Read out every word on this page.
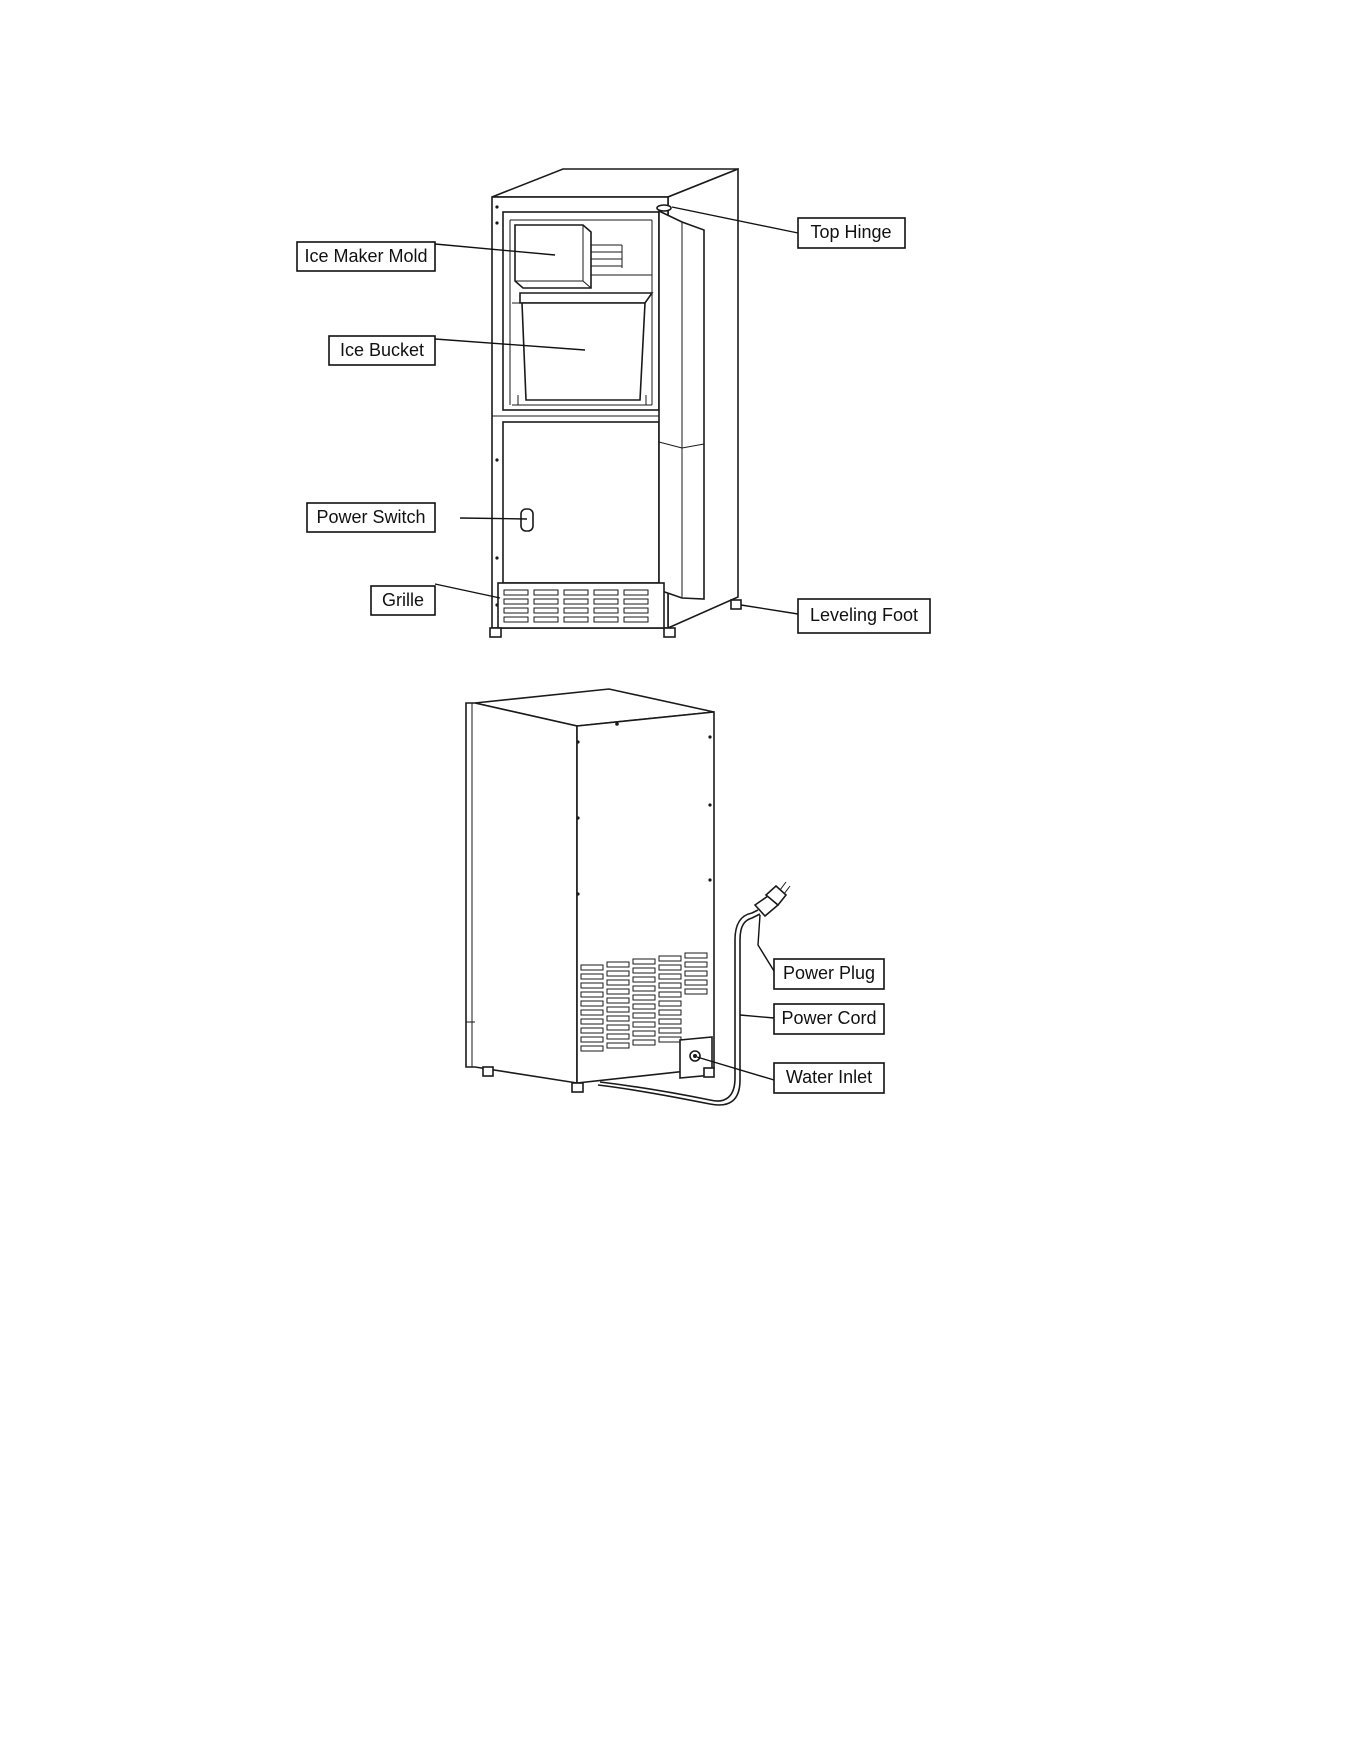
Ice Maker Mold
Ice Bucket
Power Switch
Grille
Top Hinge
Leveling Foot
Power Plug
Power Cord
Water Inlet
